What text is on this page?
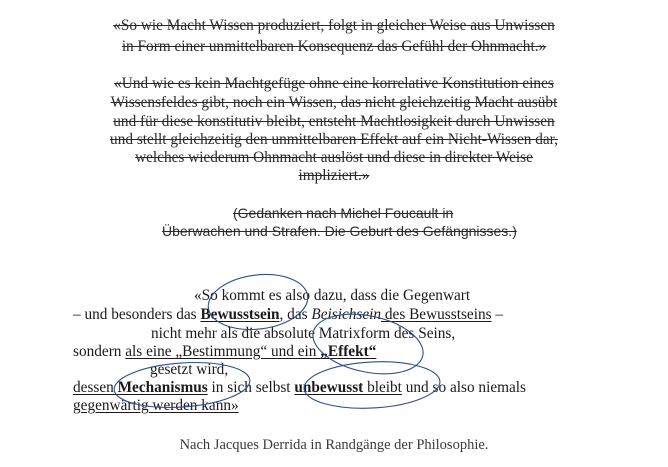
«So wie Macht Wissen produziert, folgt in gleicher Weise aus Unwissen
in Form einer unmittelbaren Konsequenz das Gefühl der Ohnmacht.»
«Und wie es kein Machtgefüge ohne eine korrelative Konstitution eines
Wissensfeldes gibt, noch ein Wissen, das nicht gleichzeitig Macht ausübt
und für diese konstitutiv bleibt, entsteht Machtlosigkeit durch Unwissen
und stellt gleichzeitig den unmittelbaren Effekt auf ein Nicht-Wissen dar,
welches wiederum Ohnmacht auslöst und diese in direkter Weise
impliziert.»
(Gedanken nach Michel Foucault in
Überwachen und Strafen. Die Geburt des Gefängnisses.)
«So kommt es also dazu, dass die Gegenwart
– und besonders das Bewusstsein, das Beisichsein des Bewusstseins –
nicht mehr als die absolute Matrixform des Seins,
sondern als eine „Bestimmung“ und ein „Effekt“
gesetzt wird,
dessen Mechanismus in sich selbst unbewusst bleibt und so also niemals
gegenwärtig werden kann»
Nach Jacques Derrida in Randgänge der Philosophie.
